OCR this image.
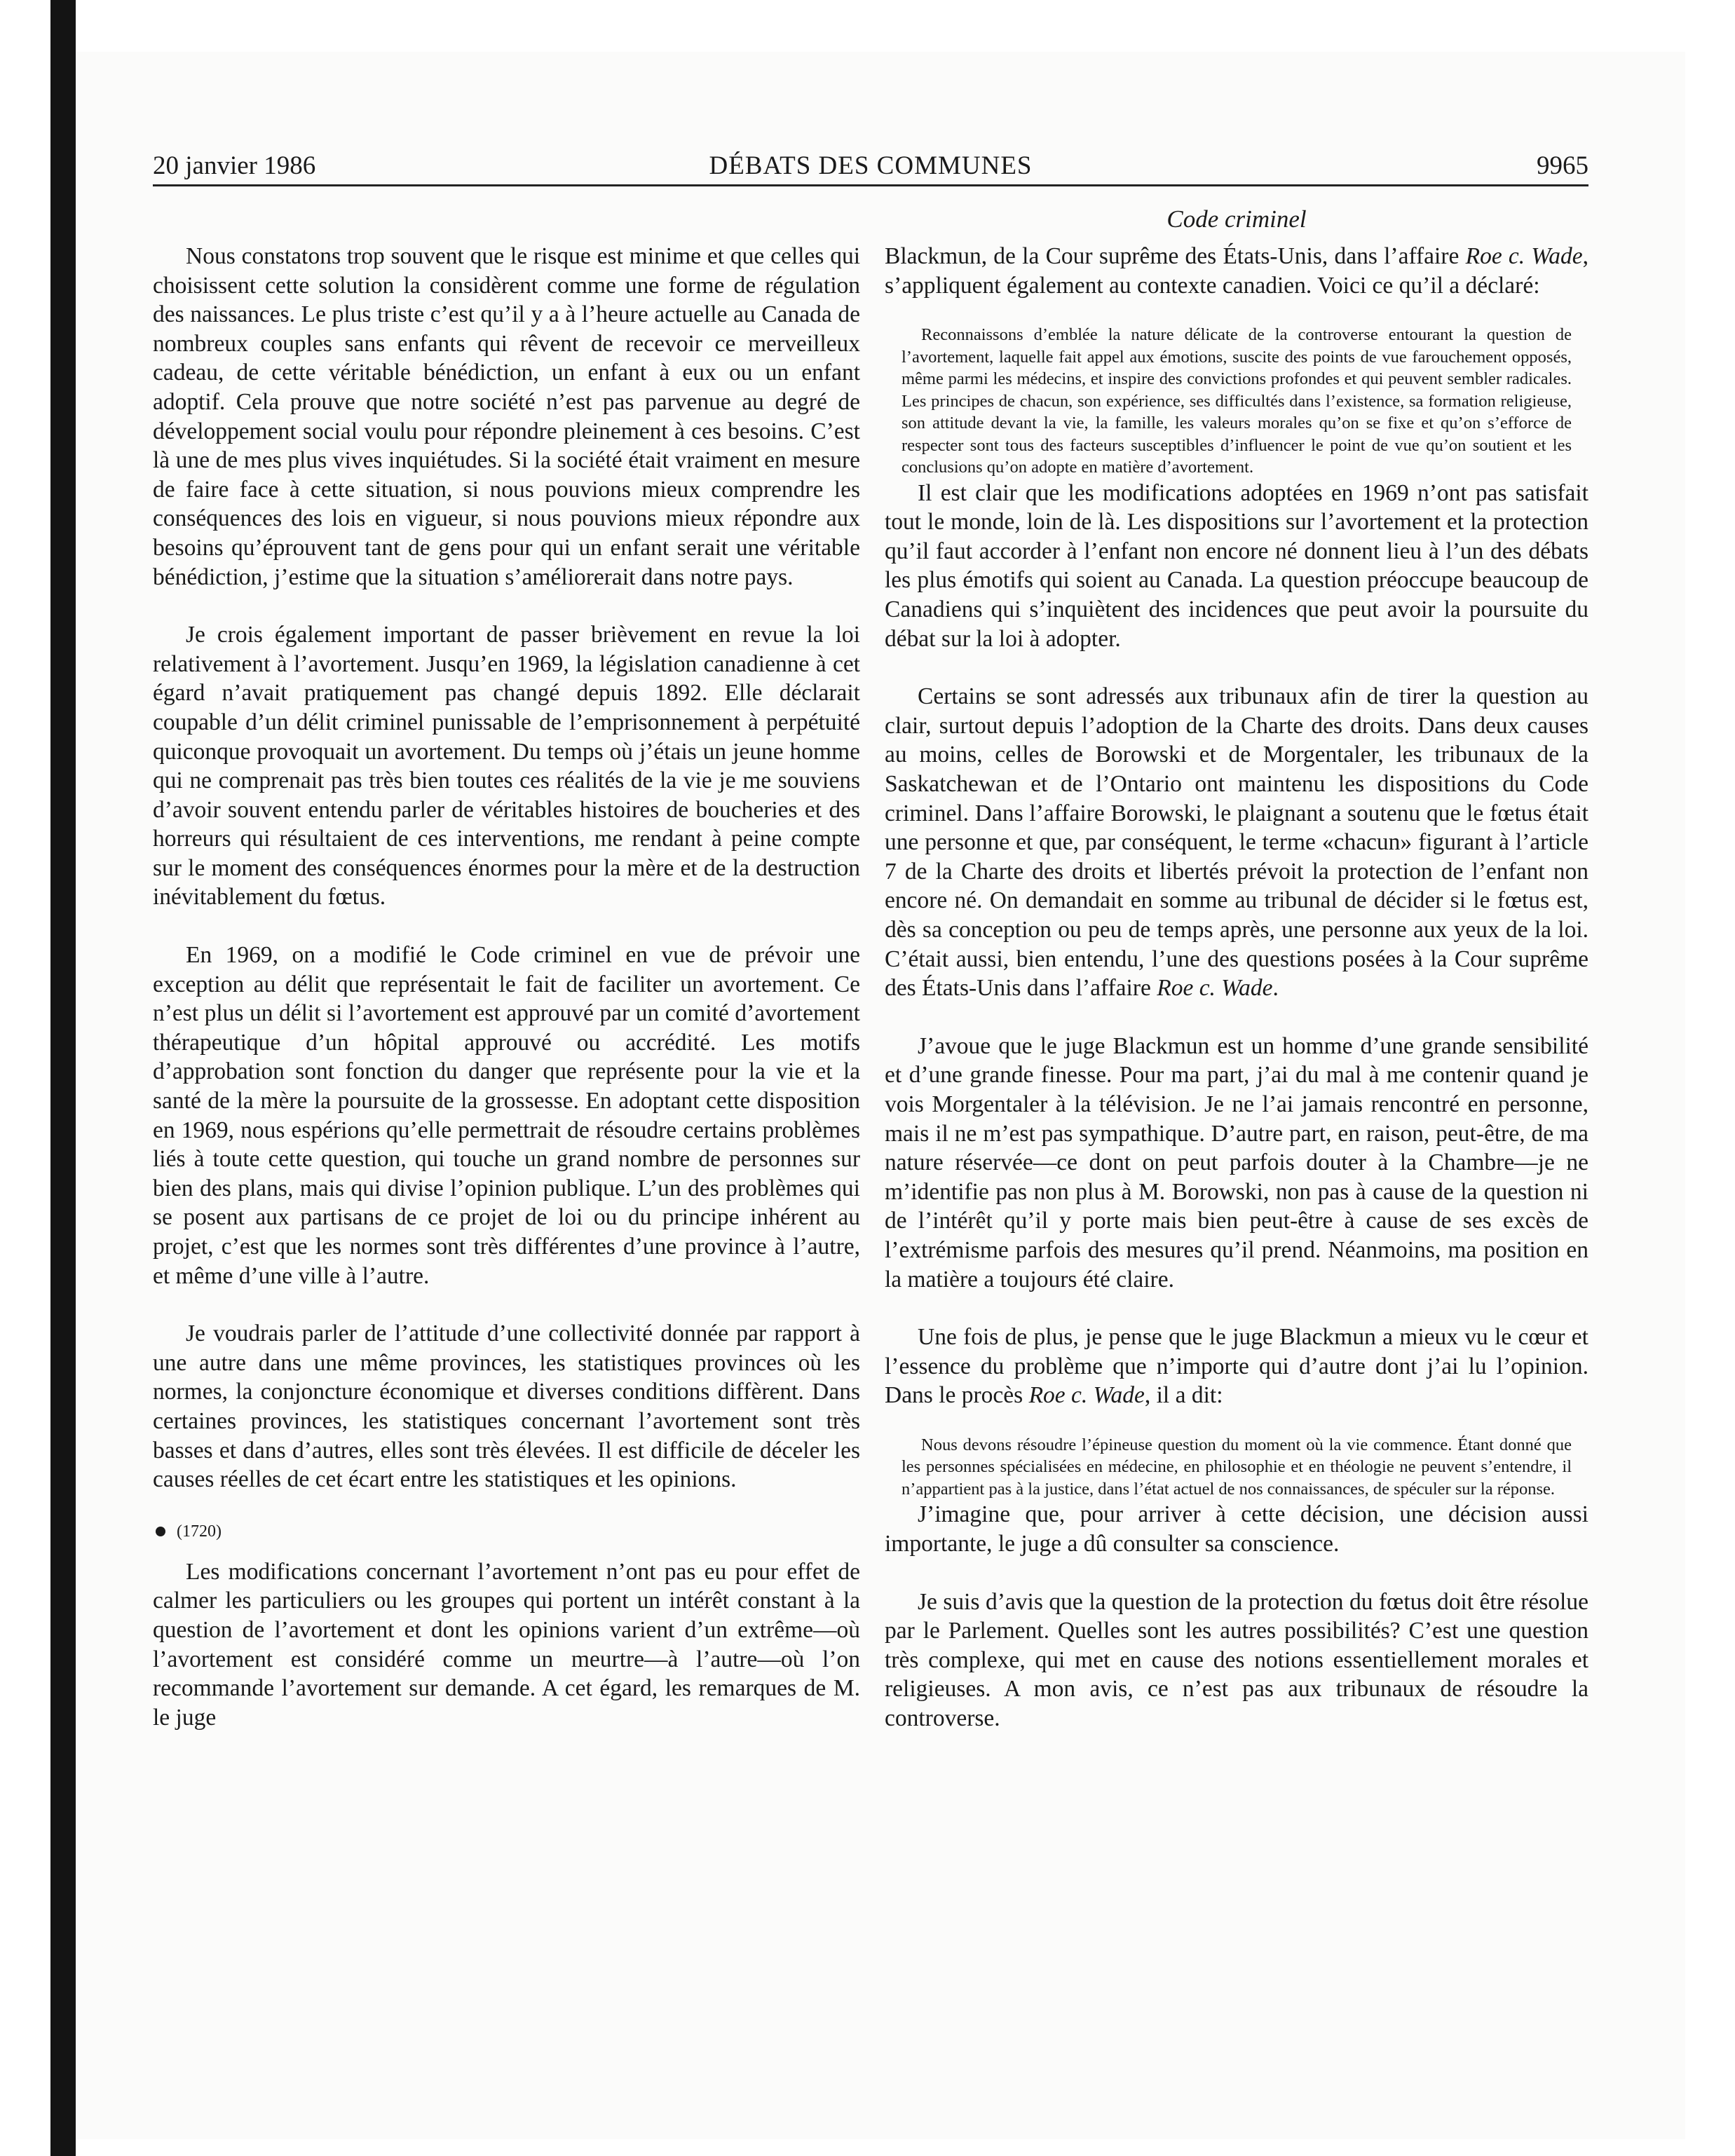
20 janvier 1986	DÉBATS DES COMMUNES	9965

Nous constatons trop souvent que le risque est minime et que celles qui choisissent cette solution la considèrent comme une forme de régulation des naissances. Le plus triste c’est qu’il y a à l’heure actuelle au Canada de nombreux couples sans enfants qui rêvent de recevoir ce merveilleux cadeau, de cette véritable bénédiction, un enfant à eux ou un enfant adoptif. Cela prouve que notre société n’est pas parvenue au degré de développement social voulu pour répondre pleinement à ces besoins. C’est là une de mes plus vives inquiétudes. Si la société était vraiment en mesure de faire face à cette situation, si nous pouvions mieux comprendre les conséquences des lois en vigueur, si nous pouvions mieux répondre aux besoins qu’éprouvent tant de gens pour qui un enfant serait une véritable bénédiction, j’estime que la situation s’améliorerait dans notre pays.

Je crois également important de passer brièvement en revue la loi relativement à l’avortement. Jusqu’en 1969, la législation canadienne à cet égard n’avait pratiquement pas changé depuis 1892. Elle déclarait coupable d’un délit criminel punissable de l’emprisonnement à perpétuité quiconque provoquait un avortement. Du temps où j’étais un jeune homme qui ne comprenait pas très bien toutes ces réalités de la vie je me souviens d’avoir souvent entendu parler de véritables histoires de boucheries et des horreurs qui résultaient de ces interventions, me rendant à peine compte sur le moment des conséquences énormes pour la mère et de la destruction inévitablement du fœtus.

En 1969, on a modifié le Code criminel en vue de prévoir une exception au délit que représentait le fait de faciliter un avortement. Ce n’est plus un délit si l’avortement est approuvé par un comité d’avortement thérapeutique d’un hôpital approuvé ou accrédité. Les motifs d’approbation sont fonction du danger que représente pour la vie et la santé de la mère la poursuite de la grossesse. En adoptant cette disposition en 1969, nous espérions qu’elle permettrait de résoudre certains problèmes liés à toute cette question, qui touche un grand nombre de personnes sur bien des plans, mais qui divise l’opinion publique. L’un des problèmes qui se posent aux partisans de ce projet de loi ou du principe inhérent au projet, c’est que les normes sont très différentes d’une province à l’autre, et même d’une ville à l’autre.

Je voudrais parler de l’attitude d’une collectivité donnée par rapport à une autre dans une même provinces, les statistiques provinces où les normes, la conjoncture économique et diverses conditions diffèrent. Dans certaines provinces, les statistiques concernant l’avortement sont très basses et dans d’autres, elles sont très élevées. Il est difficile de déceler les causes réelles de cet écart entre les statistiques et les opinions.

(1720)

Les modifications concernant l’avortement n’ont pas eu pour effet de calmer les particuliers ou les groupes qui portent un intérêt constant à la question de l’avortement et dont les opinions varient d’un extrême—où l’avortement est considéré comme un meurtre—à l’autre—où l’on recommande l’avortement sur demande. A cet égard, les remarques de M. le juge

Code criminel

Blackmun, de la Cour suprême des États-Unis, dans l’affaire Roe c. Wade, s’appliquent également au contexte canadien. Voici ce qu’il a déclaré:

Reconnaissons d’emblée la nature délicate de la controverse entourant la question de l’avortement, laquelle fait appel aux émotions, suscite des points de vue farouchement opposés, même parmi les médecins, et inspire des convictions profondes et qui peuvent sembler radicales. Les principes de chacun, son expérience, ses difficultés dans l’existence, sa formation religieuse, son attitude devant la vie, la famille, les valeurs morales qu’on se fixe et qu’on s’efforce de respecter sont tous des facteurs susceptibles d’influencer le point de vue qu’on soutient et les conclusions qu’on adopte en matière d’avortement.

Il est clair que les modifications adoptées en 1969 n’ont pas satisfait tout le monde, loin de là. Les dispositions sur l’avortement et la protection qu’il faut accorder à l’enfant non encore né donnent lieu à l’un des débats les plus émotifs qui soient au Canada. La question préoccupe beaucoup de Canadiens qui s’inquiètent des incidences que peut avoir la poursuite du débat sur la loi à adopter.

Certains se sont adressés aux tribunaux afin de tirer la question au clair, surtout depuis l’adoption de la Charte des droits. Dans deux causes au moins, celles de Borowski et de Morgentaler, les tribunaux de la Saskatchewan et de l’Ontario ont maintenu les dispositions du Code criminel. Dans l’affaire Borowski, le plaignant a soutenu que le fœtus était une personne et que, par conséquent, le terme «chacun» figurant à l’article 7 de la Charte des droits et libertés prévoit la protection de l’enfant non encore né. On demandait en somme au tribunal de décider si le fœtus est, dès sa conception ou peu de temps après, une personne aux yeux de la loi. C’était aussi, bien entendu, l’une des questions posées à la Cour suprême des États-Unis dans l’affaire Roe c. Wade.

J’avoue que le juge Blackmun est un homme d’une grande sensibilité et d’une grande finesse. Pour ma part, j’ai du mal à me contenir quand je vois Morgentaler à la télévision. Je ne l’ai jamais rencontré en personne, mais il ne m’est pas sympathique. D’autre part, en raison, peut-être, de ma nature réservée—ce dont on peut parfois douter à la Chambre—je ne m’identifie pas non plus à M. Borowski, non pas à cause de la question ni de l’intérêt qu’il y porte mais bien peut-être à cause de ses excès de l’extrémisme parfois des mesures qu’il prend. Néanmoins, ma position en la matière a toujours été claire.

Une fois de plus, je pense que le juge Blackmun a mieux vu le cœur et l’essence du problème que n’importe qui d’autre dont j’ai lu l’opinion. Dans le procès Roe c. Wade, il a dit:

Nous devons résoudre l’épineuse question du moment où la vie commence. Étant donné que les personnes spécialisées en médecine, en philosophie et en théologie ne peuvent s’entendre, il n’appartient pas à la justice, dans l’état actuel de nos connaissances, de spéculer sur la réponse.

J’imagine que, pour arriver à cette décision, une décision aussi importante, le juge a dû consulter sa conscience.

Je suis d’avis que la question de la protection du fœtus doit être résolue par le Parlement. Quelles sont les autres possibilités? C’est une question très complexe, qui met en cause des notions essentiellement morales et religieuses. A mon avis, ce n’est pas aux tribunaux de résoudre la controverse.
